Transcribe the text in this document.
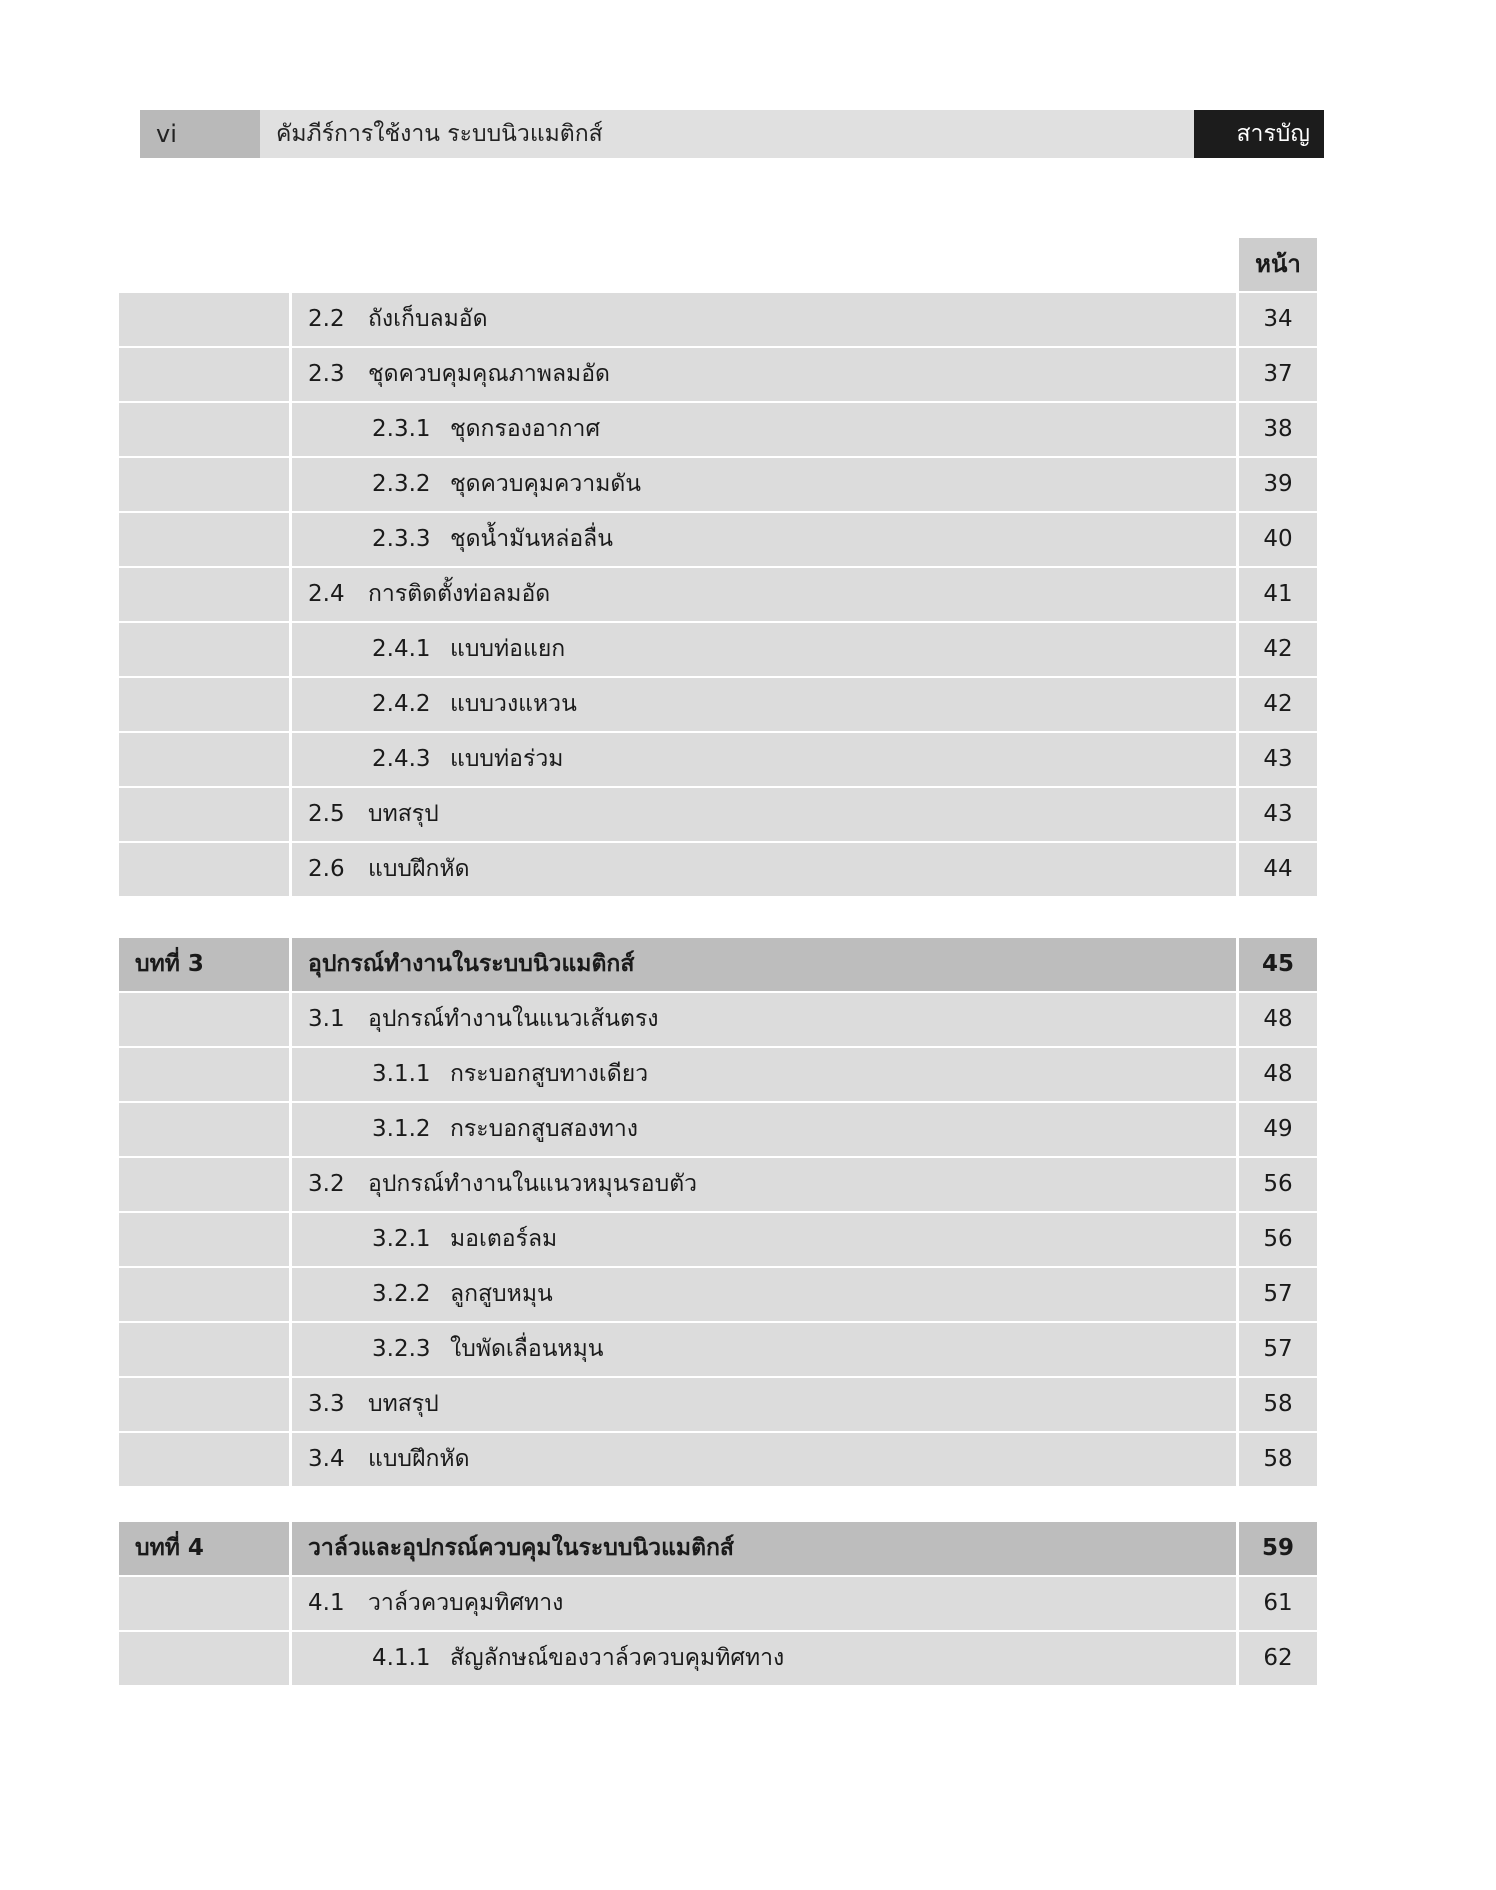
vi	คัมภีร์การใช้งาน ระบบนิวแมติกส์	สารบัญ
หน้า
2.2 ถังเก็บลมอัด	34
2.3 ชุดควบคุมคุณภาพลมอัด	37
2.3.1 ชุดกรองอากาศ	38
2.3.2 ชุดควบคุมความดัน	39
2.3.3 ชุดน้ำมันหล่อลื่น	40
2.4 การติดตั้งท่อลมอัด	41
2.4.1 แบบท่อแยก	42
2.4.2 แบบวงแหวน	42
2.4.3 แบบท่อร่วม	43
2.5 บทสรุป	43
2.6 แบบฝึกหัด	44
บทที่ 3	อุปกรณ์ทำงานในระบบนิวแมติกส์	45
3.1 อุปกรณ์ทำงานในแนวเส้นตรง	48
3.1.1 กระบอกสูบทางเดียว	48
3.1.2 กระบอกสูบสองทาง	49
3.2 อุปกรณ์ทำงานในแนวหมุนรอบตัว	56
3.2.1 มอเตอร์ลม	56
3.2.2 ลูกสูบหมุน	57
3.2.3 ใบพัดเลื่อนหมุน	57
3.3 บทสรุป	58
3.4 แบบฝึกหัด	58
บทที่ 4	วาล์วและอุปกรณ์ควบคุมในระบบนิวแมติกส์	59
4.1 วาล์วควบคุมทิศทาง	61
4.1.1 สัญลักษณ์ของวาล์วควบคุมทิศทาง	62
